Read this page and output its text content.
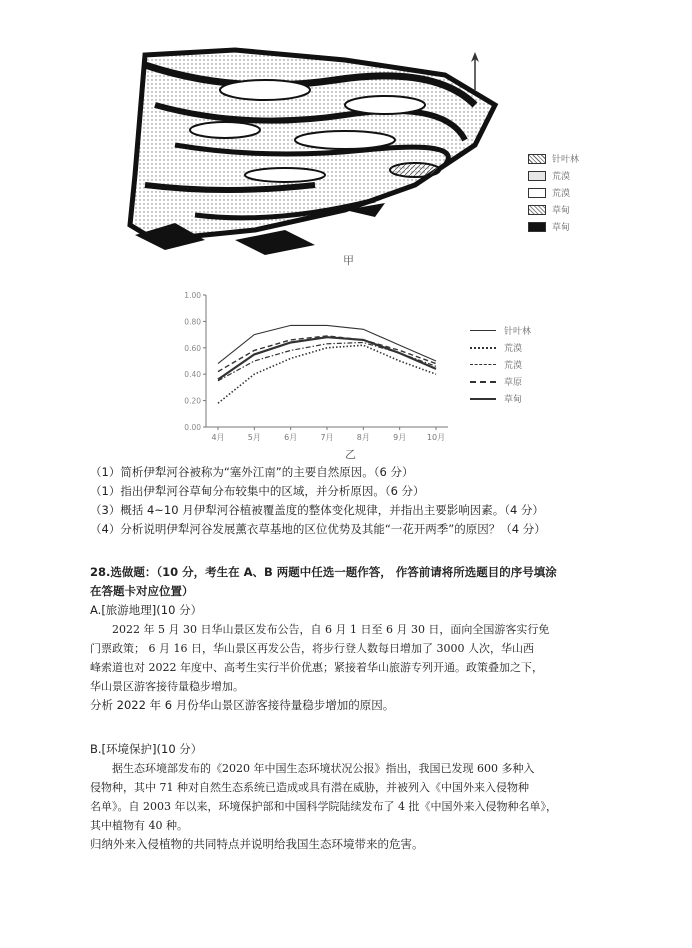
针叶林
荒漠
荒漠
草甸
草甸
甲
0.00
0.20
0.40
0.60
0.80
1.00
4月	5月	6月	7月	8月	9月	10月
乙
针叶林
荒漠
荒漠
草原
草甸
（1）简析伊犁河谷被称为“塞外江南”的主要自然原因。（6 分）
（1）指出伊犁河谷草甸分布较集中的区域，并分析原因。（6 分）
（3）概括 4~10 月伊犁河谷植被覆盖度的整体变化规律，并指出主要影响因素。（4 分）
（4）分析说明伊犁河谷发展薰衣草基地的区位优势及其能“一花开两季”的原因？（4 分）
28.选做题：（10 分，考生在 A、B 两题中任选一题作答， 作答前请将所选题目的序号填涂
在答题卡对应位置）
A.[旅游地理](10 分）
2022 年 5 月 30 日华山景区发布公告，自 6 月 1 日至 6 月 30 日，面向全国游客实行免
门票政策； 6 月 16 日，华山景区再发公告，将步行登人数每日增加了 3000 人次，华山西
峰索道也对 2022 年度中、高考生实行半价优惠；紧接着华山旅游专列开通。政策叠加之下，
华山景区游客接待量稳步增加。
分析 2022 年 6 月份华山景区游客接待量稳步增加的原因。
B.[环境保护](10 分）
据生态环境部发布的《2020 年中国生态环境状况公报》指出，我国已发现 600 多种入
侵物种，其中 71 种对自然生态系统已造成或具有潜在威胁，并被列入《中国外来入侵物种
名单》。自 2003 年以来，环境保护部和中国科学院陆续发布了 4 批《中国外来入侵物种名单》，
其中植物有 40 种。
归纳外来入侵植物的共同特点并说明给我国生态环境带来的危害。
